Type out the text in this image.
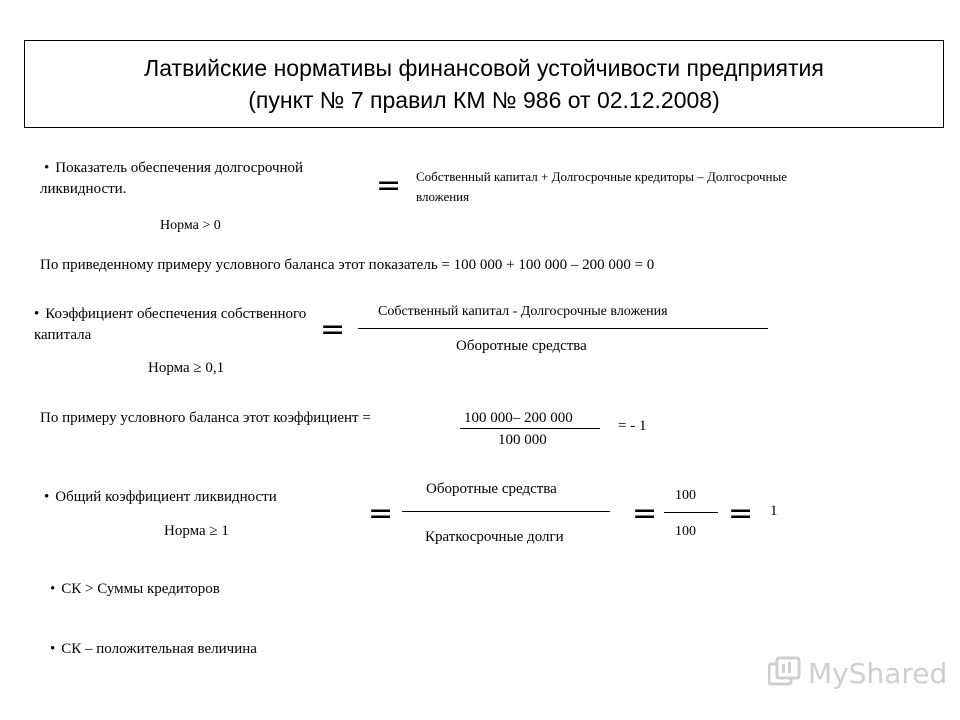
Латвийские нормативы финансовой устойчивости предприятия
(пункт № 7 правил КМ № 986 от 02.12.2008)
• Показатель обеспечения долгосрочной
ликвидности.	= Собственный капитал + Долгосрочные кредиторы – Долгосрочные
вложения
Норма > 0
По приведенному примеру условного баланса этот показатель = 100 000 + 100 000 – 200 000 = 0
• Коэффициент обеспечения собственного
капитала	=
Собственный капитал - Долгосрочные вложения
Оборотные средства
Норма ≥ 0,1
По примеру условного баланса этот коэффициент =	100 000– 200 000
100 000
= - 1
• Общий коэффициент ликвидности
Норма ≥ 1	=
Оборотные средства
Краткосрочные долги
=
100
100
= 1
• СК > Суммы кредиторов
• СК – положительная величина
MyShared
